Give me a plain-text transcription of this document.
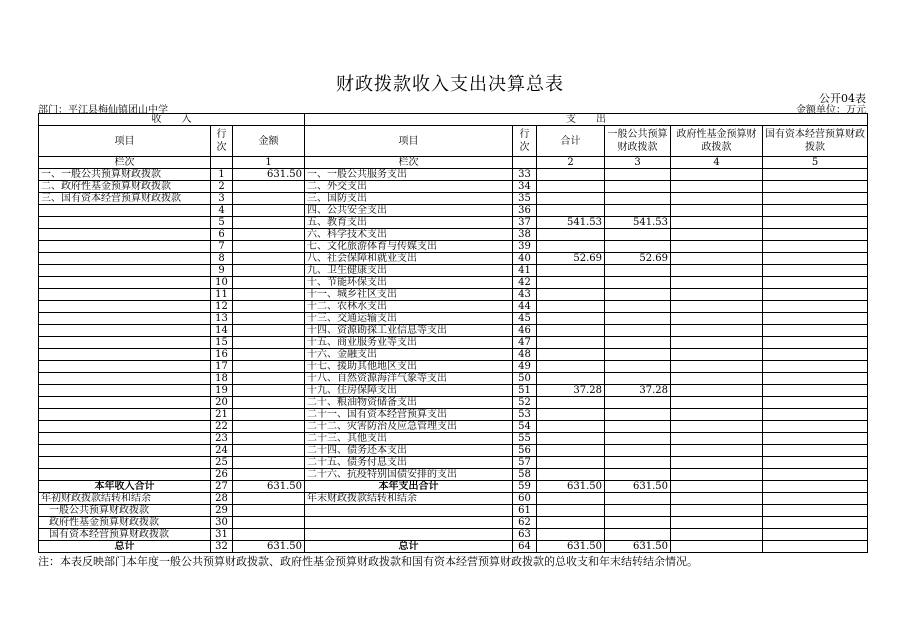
财政拨款收入支出决算总表
公开04表
部门：平江县梅仙镇团山中学	金额单位：万元
收　　入			支　　出					
项目	行次	金额	项目	行次	合计	一般公共预算财政拨款	政府性基金预算财政拨款	国有资本经营预算财政拨款
栏次		1	栏次		2	3	4	5
一、一般公共预算财政拨款	1	631.50	一、一般公共服务支出	33				
二、政府性基金预算财政拨款	2		二、外交支出	34				
三、国有资本经营预算财政拨款	3		三、国防支出	35				
	4		四、公共安全支出	36				
	5		五、教育支出	37	541.53	541.53		
	6		六、科学技术支出	38				
	7		七、文化旅游体育与传媒支出	39				
	8		八、社会保障和就业支出	40	52.69	52.69		
	9		九、卫生健康支出	41				
	10		十、节能环保支出	42				
	11		十一、城乡社区支出	43				
	12		十二、农林水支出	44				
	13		十三、交通运输支出	45				
	14		十四、资源勘探工业信息等支出	46				
	15		十五、商业服务业等支出	47				
	16		十六、金融支出	48				
	17		十七、援助其他地区支出	49				
	18		十八、自然资源海洋气象等支出	50				
	19		十九、住房保障支出	51	37.28	37.28		
	20		二十、粮油物资储备支出	52				
	21		二十一、国有资本经营预算支出	53				
	22		二十二、灾害防治及应急管理支出	54				
	23		二十三、其他支出	55				
	24		二十四、债务还本支出	56				
	25		二十五、债务付息支出	57				
	26		二十六、抗疫特别国债安排的支出	58				
本年收入合计	27	631.50	本年支出合计	59	631.50	631.50		
年初财政拨款结转和结余	28		年末财政拨款结转和结余	60				
一般公共预算财政拨款	29			61				
政府性基金预算财政拨款	30			62				
国有资本经营预算财政拨款	31			63				
总计	32	631.50	总计	64	631.50	631.50		
注：本表反映部门本年度一般公共预算财政拨款、政府性基金预算财政拨款和国有资本经营预算财政拨款的总收支和年末结转结余情况。
